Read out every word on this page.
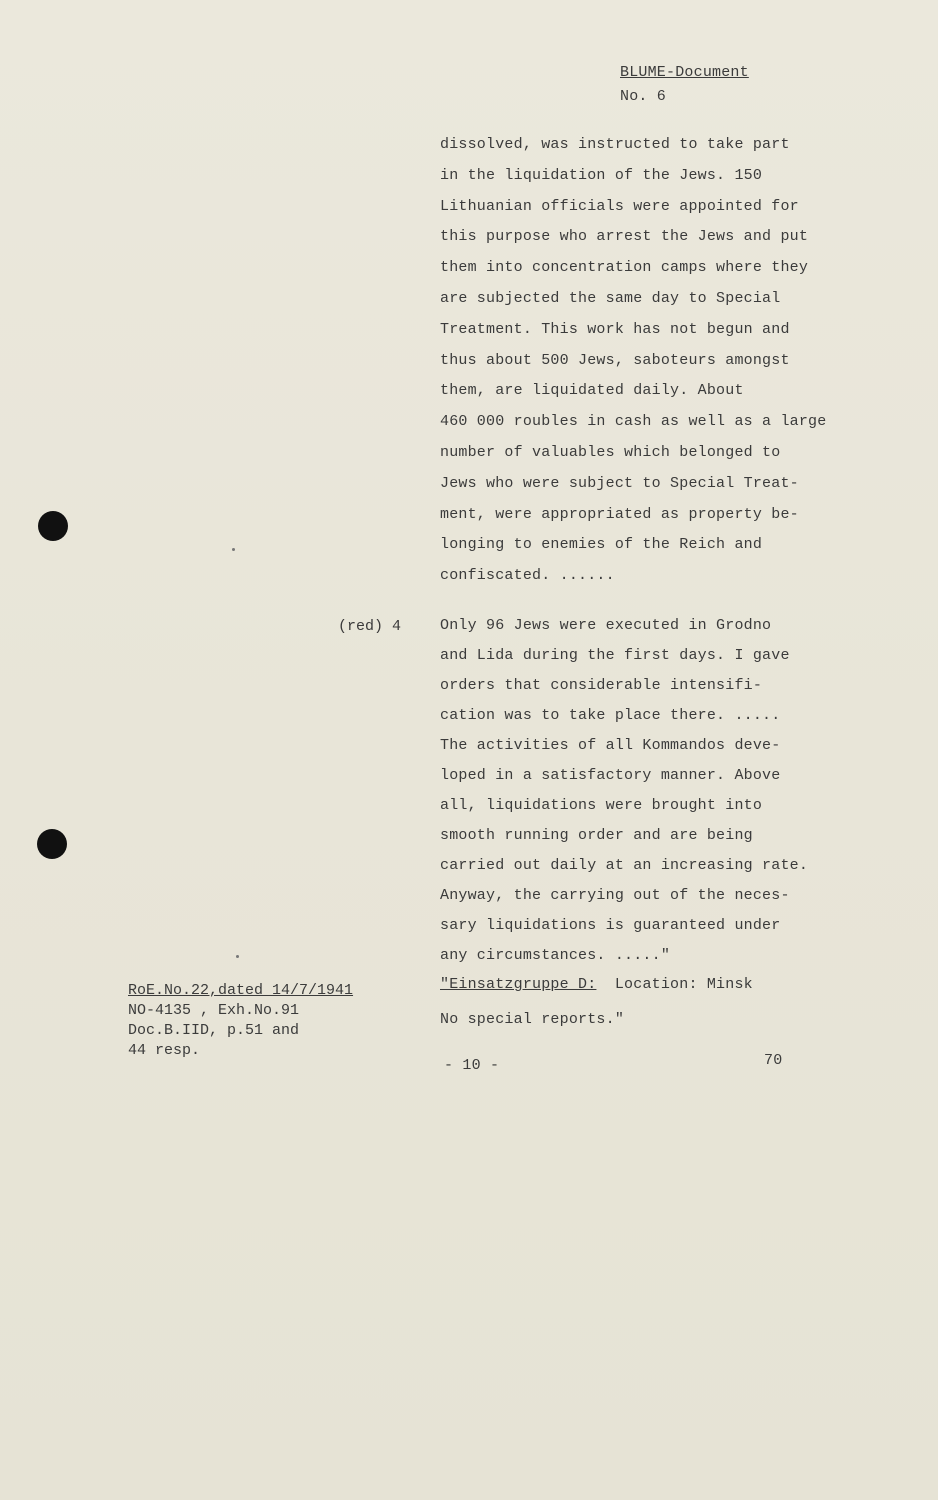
BLUME-Document
No. 6
dissolved, was instructed to take part
in the liquidation of the Jews. 150
Lithuanian officials were appointed for
this purpose who arrest the Jews and put
them into concentration camps where they
are subjected the same day to Special
Treatment. This work has not begun and
thus about 500 Jews, saboteurs amongst
them, are liquidated daily. About
460 000 roubles in cash as well as a large
number of valuables which belonged to
Jews who were subject to Special Treat-
ment, were appropriated as property be-
longing to enemies of the Reich and
confiscated. ......
(red) 4	Only 96 Jews were executed in Grodno
and Lida during the first days. I gave
orders that considerable intensifi-
cation was to take place there. .....
The activities of all Kommandos deve-
loped in a satisfactory manner. Above
all, liquidations were brought into
smooth running order and are being
carried out daily at an increasing rate.
Anyway, the carrying out of the neces-
sary liquidations is guaranteed under
any circumstances. ....."
"Einsatzgruppe D: Location: Minsk
No special reports."
RoE.No.22,dated 14/7/1941
NO-4135 , Exh.No.91
Doc.B.IID, p.51 and
44 resp.
- 10 -	70
